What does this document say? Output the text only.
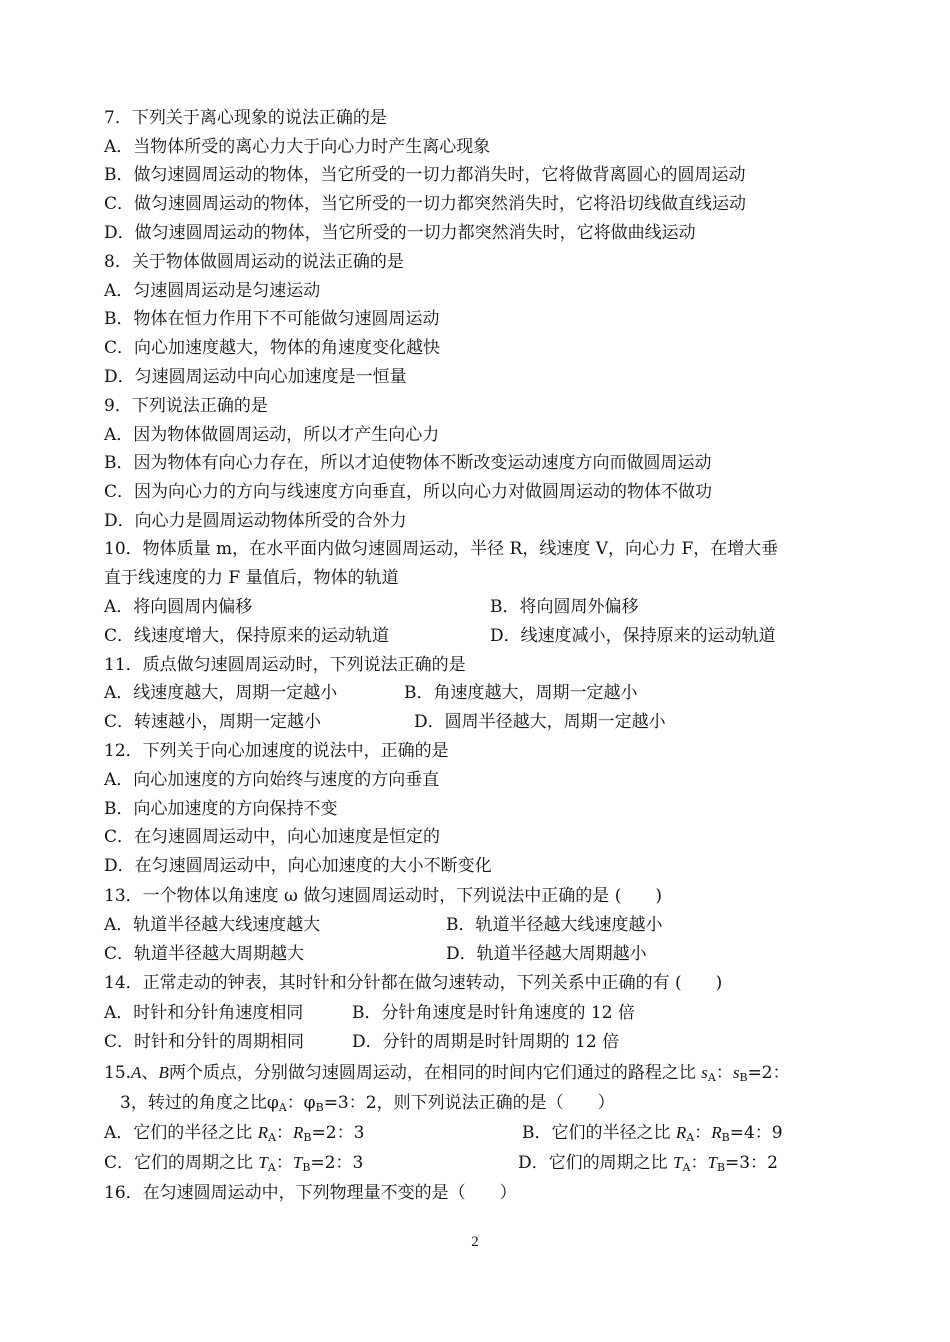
7．下列关于离心现象的说法正确的是
A．当物体所受的离心力大于向心力时产生离心现象
B．做匀速圆周运动的物体，当它所受的一切力都消失时，它将做背离圆心的圆周运动
C．做匀速圆周运动的物体，当它所受的一切力都突然消失时，它将沿切线做直线运动
D．做匀速圆周运动的物体，当它所受的一切力都突然消失时，它将做曲线运动
8．关于物体做圆周运动的说法正确的是
A．匀速圆周运动是匀速运动
B．物体在恒力作用下不可能做匀速圆周运动
C．向心加速度越大，物体的角速度变化越快
D．匀速圆周运动中向心加速度是一恒量
9．下列说法正确的是
A．因为物体做圆周运动，所以才产生向心力
B．因为物体有向心力存在，所以才迫使物体不断改变运动速度方向而做圆周运动
C．因为向心力的方向与线速度方向垂直，所以向心力对做圆周运动的物体不做功
D．向心力是圆周运动物体所受的合外力
10．物体质量 m，在水平面内做匀速圆周运动，半径 R，线速度 V，向心力 F，在增大垂
直于线速度的力 F 量值后，物体的轨道
A．将向圆周内偏移	B．将向圆周外偏移
C．线速度增大，保持原来的运动轨道	D．线速度减小，保持原来的运动轨道
11．质点做匀速圆周运动时，下列说法正确的是
A．线速度越大，周期一定越小	B．角速度越大，周期一定越小
C．转速越小，周期一定越小	D．圆周半径越大，周期一定越小
12．下列关于向心加速度的说法中，正确的是
A．向心加速度的方向始终与速度的方向垂直
B．向心加速度的方向保持不变
C．在匀速圆周运动中，向心加速度是恒定的
D．在匀速圆周运动中，向心加速度的大小不断变化
13．一个物体以角速度 ω 做匀速圆周运动时，下列说法中正确的是 (　　)
A．轨道半径越大线速度越大	B．轨道半径越大线速度越小
C．轨道半径越大周期越大	D．轨道半径越大周期越小
14．正常走动的钟表，其时针和分针都在做匀速转动，下列关系中正确的有 (　　)
A．时针和分针角速度相同	B．分针角速度是时针角速度的 12 倍
C．时针和分针的周期相同	D．分针的周期是时针周期的 12 倍
15.A、B两个质点，分别做匀速圆周运动，在相同的时间内它们通过的路程之比 $s_A$：$s_B=2$：
3，转过的角度之比$\varphi_A$：$\varphi_B=3$：2，则下列说法正确的是（　　）
A．它们的半径之比 $R_A$：$R_B=2$：3	B．它们的半径之比 $R_A$：$R_B=4$：9
C．它们的周期之比 $T_A$：$T_B=2$：3	D．它们的周期之比 $T_A$：$T_B=3$：2
16．在匀速圆周运动中，下列物理量不变的是（　　）
2
